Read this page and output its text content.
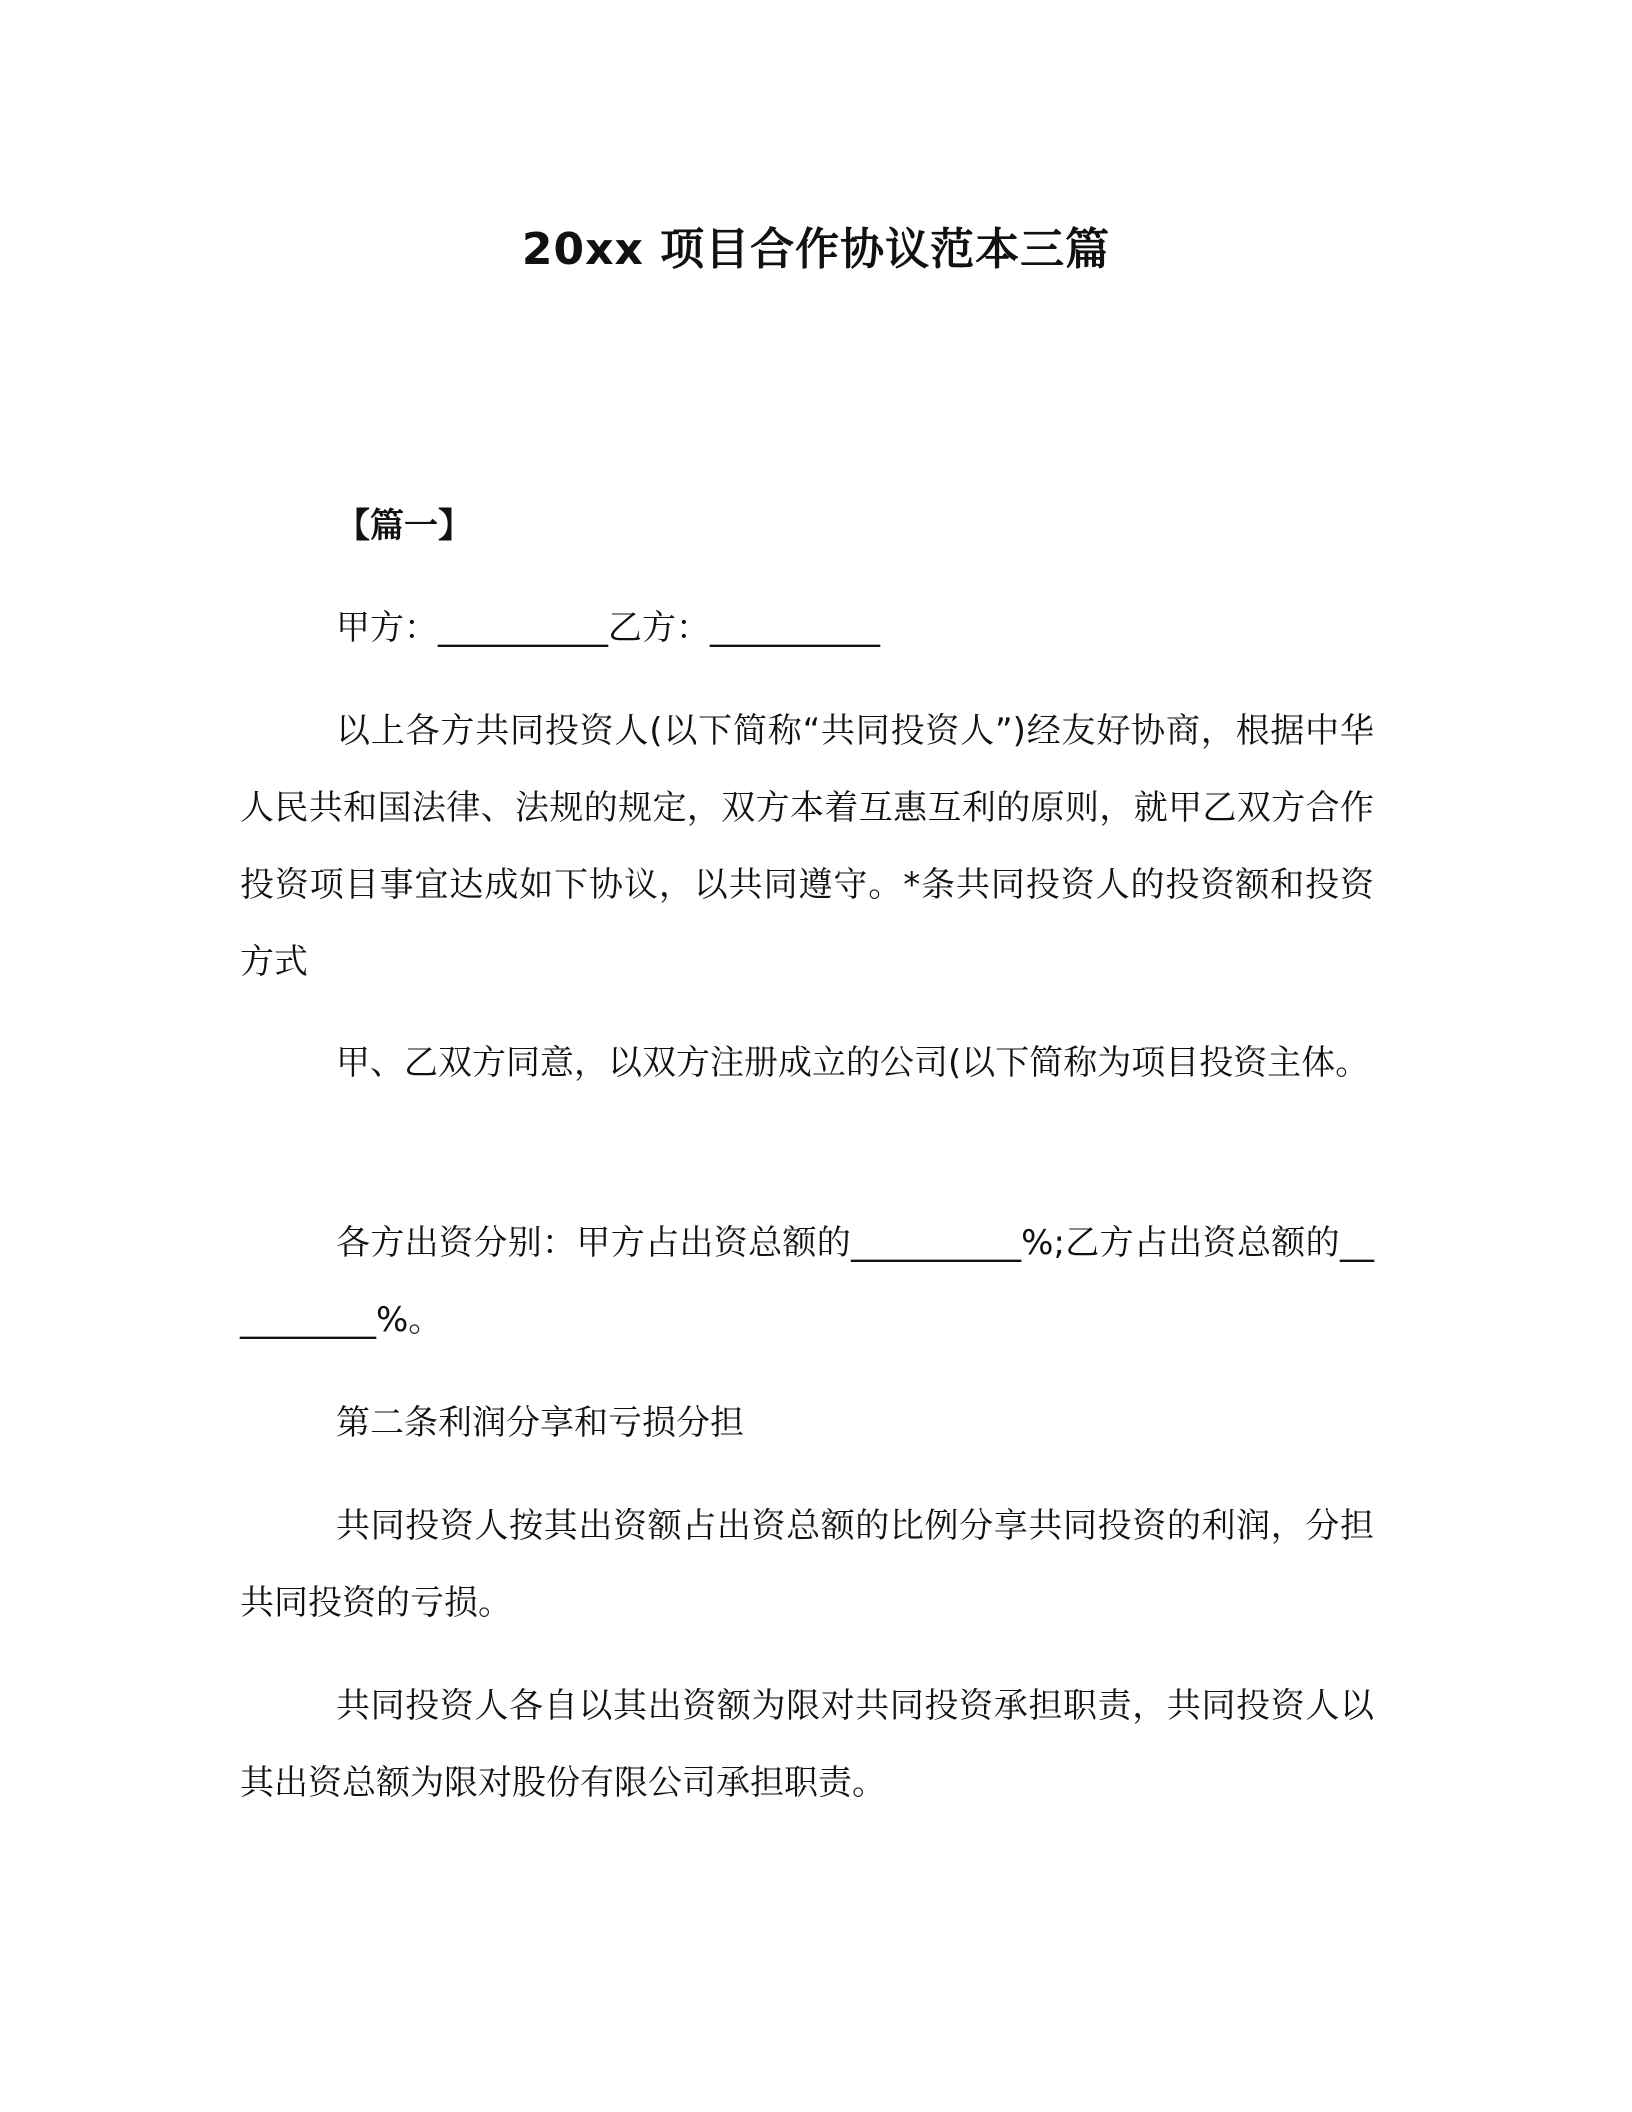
20xx 项目合作协议范本三篇

【篇一】

甲方：__________乙方：__________

以上各方共同投资人(以下简称“共同投资人”)经友好协商，根据中华人民共和国法律、法规的规定，双方本着互惠互利的原则，就甲乙双方合作投资项目事宜达成如下协议，以共同遵守。*条共同投资人的投资额和投资方式

甲、乙双方同意，以双方注册成立的公司(以下简称为项目投资主体。

各方出资分别：甲方占出资总额的__________%;乙方占出资总额的__________%。

第二条利润分享和亏损分担

共同投资人按其出资额占出资总额的比例分享共同投资的利润，分担共同投资的亏损。

共同投资人各自以其出资额为限对共同投资承担职责，共同投资人以其出资总额为限对股份有限公司承担职责。
